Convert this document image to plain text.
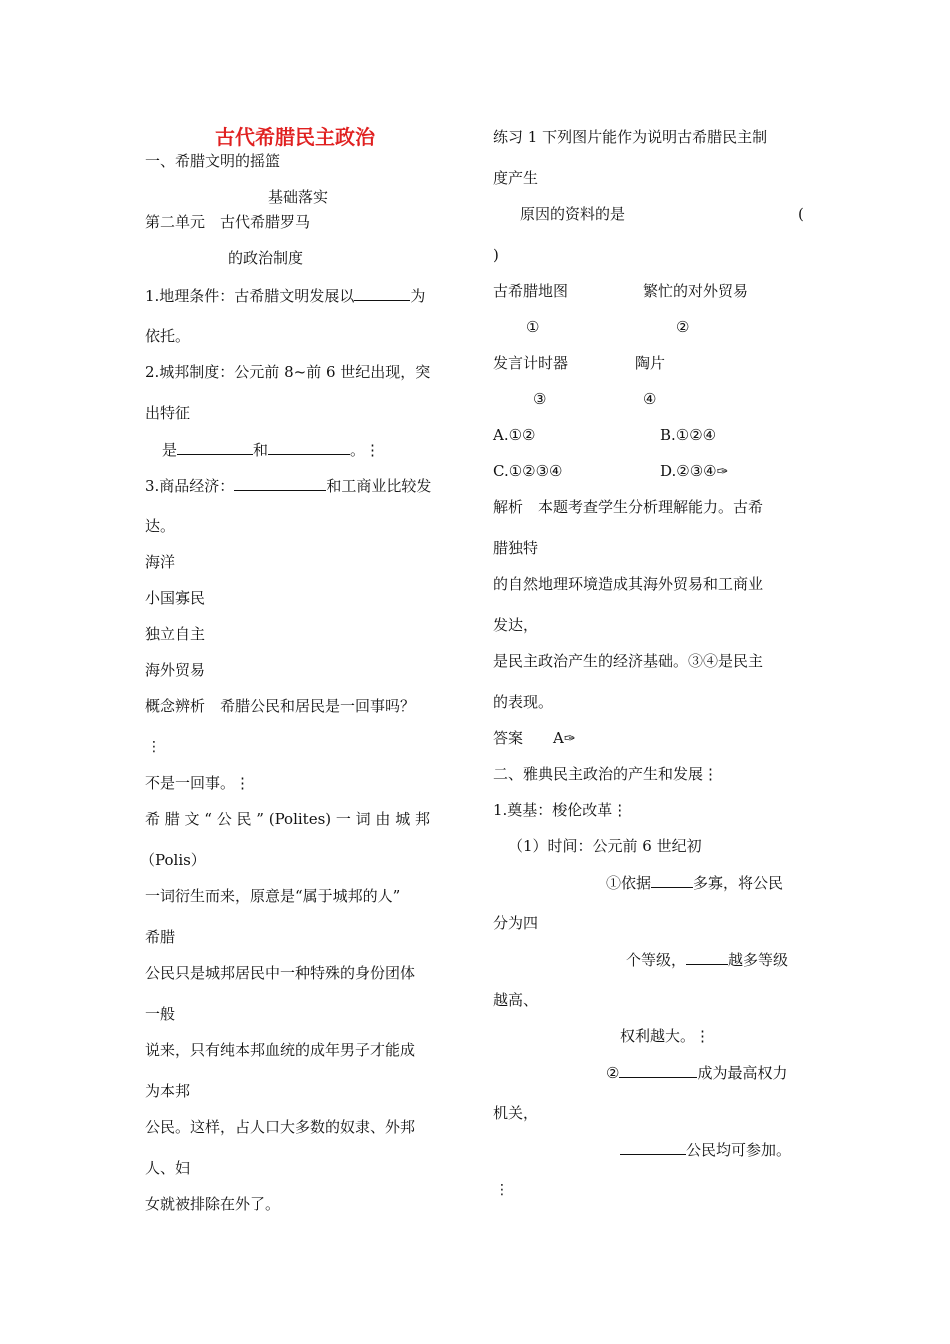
古代希腊民主政治
一、希腊文明的摇篮
基础落实
第二单元　古代希腊罗马
的政治制度
1.地理条件：古希腊文明发展以	为
依托。
2.城邦制度：公元前 8~前 6 世纪出现，突
出特征
是	和	。⋮
3.商品经济：	和工商业比较发
达。
海洋
小国寡民
独立自主
海外贸易
概念辨析　希腊公民和居民是一回事吗？
⋮
不是一回事。⋮
希 腊 文 “ 公 民 ” (Polites) 一 词 由 城 邦
（Polis）
一词衍生而来，原意是“属于城邦的人”
希腊
公民只是城邦居民中一种特殊的身份团体
一般
说来，只有纯本邦血统的成年男子才能成
为本邦
公民。这样，占人口大多数的奴隶、外邦
人、妇
女就被排除在外了。
练习 1 下列图片能作为说明古希腊民主制
度产生
原因的资料的是	(
)
古希腊地图	繁忙的对外贸易
①	②
发言计时器	陶片
③	④
A.①②	B.①②④
C.①②③④	D.②③④✑
解析　本题考查学生分析理解能力。古希
腊独特
的自然地理环境造成其海外贸易和工商业
发达，
是民主政治产生的经济基础。③④是民主
的表现。
答案　　A✑
二、雅典民主政治的产生和发展⋮
1.奠基：梭伦改革⋮
（1）时间：公元前 6 世纪初
①依据	多寡，将公民
分为四
个等级，	越多等级
越高、
权利越大。⋮
②	成为最高权力
机关，
公民均可参加。
⋮
